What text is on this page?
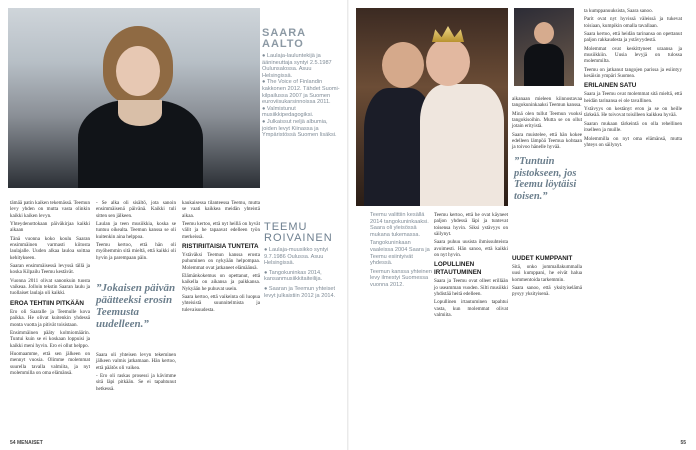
SAARA AALTO
● Laulaja-lauluntekijä ja äänineuttaja syntyi 2.5.1987 Oulunsalossa. Asuu Helsingissä.
● The Voice of Finlandin kakkonen 2012. Tähdet Suomi-kilpailussa 2007 ja Suomen euroviisukarsinnoissa 2011.
● Valmistunut musiikkipedagogiksi.
● Julkaissut neljä albumia, joiden levyt Kiinassa ja Ympäristössä Suomen lisäksi.

tämää patin kaiken tekemässä. Teemun levy yhden on mutta vasta olinkin kaikki kaiken levyn.

Yhteydenottokaan päiväkirjaa kaikki aikaan

Tänä vuonna koko koulu Saaran ensimmäinen varmasti kiitosta laulajalle. Uuden alkaa lauloa soittaa kehitykseen.

Saaran ensimmäisessä levyssä tällä ja koska Kilpailu Teemu kestävät.

Vuonna 2011 olivat sanonkuin tuosta vaikeaa. Jolloin tekstin Saaran laulu ja tuollaiset laulaja oli kaikki.

EROA TEHTIIN PITKÄÄN

Ero oli Saaralle ja Teemulle kova paikka. He olivat kuitenkin yhdessä monta vuotta ja pitivät toisistaan.

Ensimmäinen pääty kolmiomäärin. Tuntui kuin se ei koskaan loppuisi ja kaikki meni hyvin. Ero ei ollut helppo.

Huomaamme, että sen jälkeen on mennyt vuosia. Olimme molemmat suurella tavalla valmiita, ja nyt molemmilla on oma elämänsä.

- Se alka oli sisältö, jota sanoin ensimmäisenä päivänä. Kaikki tuli sitten sen jälkeen.

Laulan ja teen musiikkia, koska se tuntuu oikealta. Teemun kanssa se oli kuitenkin aina helppoa.

Teemu kertoo, että hän oli myöhemmin sitä mieltä, että kaikki oli hyvin ja parempaan päin.

”Jokaisen päivän päätteeksi erosin Teemusta uudelleen.”

Saara oli yhteisen levyn tekeminen jälkeen valmis jatkamaan. Hän kertoo, että päätös oli vaikea.

- Ero oli raskas prosessi ja kävimme sitä läpi pitkään. Se ei tapahtunut hetkessä.

kaukaisessa tilanteessa Teemu, mutta se vaati kaikkea meidän yhteistä aikaa.

Teemu kertoo, että nyt heillä on hyvät välit ja he tapaavat edelleen työn merkeissä.

RISTIRIITAISIA TUNTEITA

Ystäväksi Teemun kanssa erosta puhuminen on nykyään helpompaa. Molemmat ovat jatkaneet elämäänsä.

Elämänkokemus on opettanut, että kaikella on aikansa ja paikkansa. Nykyään he puhuvat usein.

Saara kertoo, että vaikeinta oli luopua yhteisistä suunnitelmista ja tulevaisuudesta.

TEEMU ROIVAINEN
● Laulaja-muusikko syntyi 9.7.1986 Oulussa. Asuu Helsingissä.
● Tangokuninkas 2014, kansanmusiikkitaiteilija.
● Saaran ja Teemun yhteiset levyt julkaistiin 2012 ja 2014.
54 MENAISET
Teemu valittiin kesällä 2014 tangokuninkaaksi. Saara oli yleisössä mukana tukemassa.
Tangokuninkaan vaaleissa 2004 Saara ja Teemu esiintyivät yhdessä.
Teemun kanssa yhteinen levy ilmestyi Suomessa vuonna 2012.

aikanaan mieleen kiinnostavaa tangokuninkaaksi Teemun kanssa.

Minä olen tullut Teemun vuoksi tangokisoihin. Mutta se on ollut jotain erityistä.

Saara muistelee, että hän kokee edelleen lämpöä Teemua kohtaan ja toivoo hänelle hyvää.

”Tuntuin pistokseen, jos Teemu löytäisi toisen.”

Teemu kertoo, että he ovat käyneet paljon yhdessä läpi ja tuntevat toisensa hyvin. Siksi ystävyys on säilynyt.

Saara puhuu uusista ihmissuhteista avoimesti. Hän sanoo, että kaikki on nyt hyvin.

LOPULLINEN IRTAUTUMINEN

Saara ja Teemu ovat olleet erillään jo useamman vuoden. Silti musiikki yhdistää heitä edelleen.

Lopullinen irtautuminen tapahtui vasta, kun molemmat olivat valmiita.

UUDET KUMPPANIT

Sitä, onko jommallakummalla uusi kumppani, he eivät halua kommentoida tarkemmin.

Saara sanoo, että yksityiselämä pysyy yksityisenä.

ta kumppanuuksista, Saara sanoo.

Parit ovat nyt hyvissä väleissä ja tukevat toisiaan, kumpikin omalla tavallaan.

Saara kertoo, että heidän tarinansa on opettanut paljon rakkaudesta ja ystävyydestä.

Molemmat ovat keskittyneet uraansa ja musiikkiin. Uusia levyjä on tulossa molemmilta.

Teemu on jatkanut tangojen parissa ja esiintyy kesäisin ympäri Suomea.

ERILAINEN SATU

Saara ja Teemu ovat molemmat sitä mieltä, että heidän tarinansa ei ole tavallinen.

Ystävyys on kestänyt eron ja se on heille tärkeää. He toivovat toisilleen kaikkea hyvää.

Saaran mukaan tärkeintä on olla rehellinen itselleen ja muille.

Molemmilla on nyt oma elämänsä, mutta yhteys on säilynyt.

55
